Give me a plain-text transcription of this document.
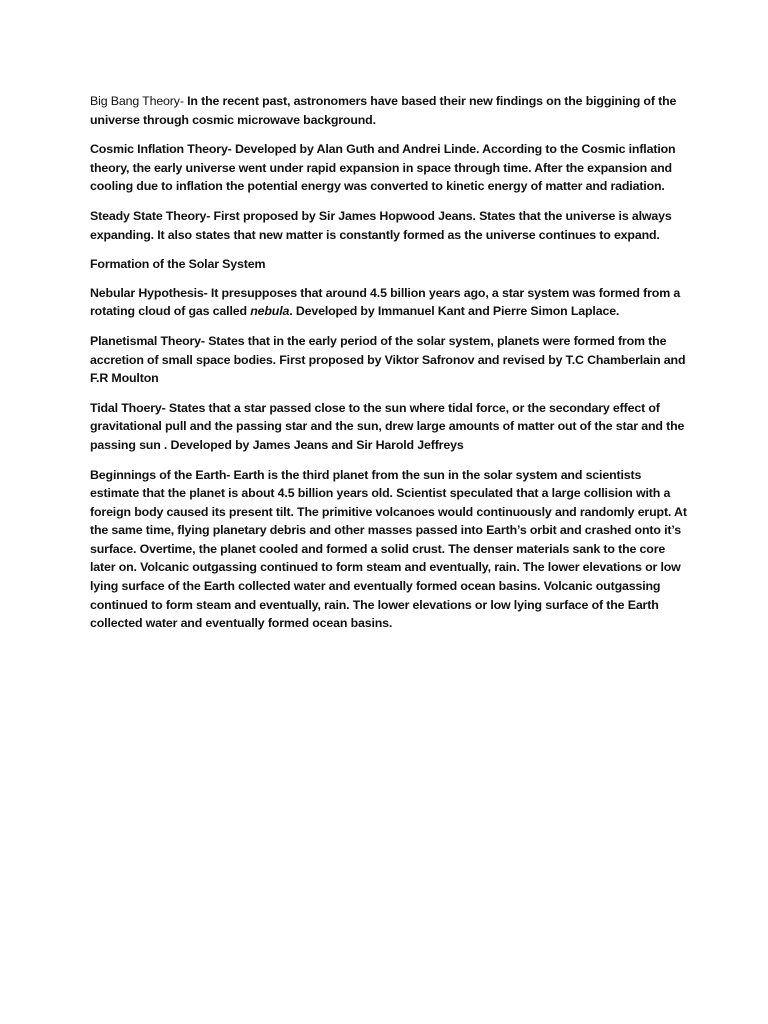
Big Bang Theory- In the recent past, astronomers have based their new findings on the biggining of the universe through cosmic microwave background.

Cosmic Inflation Theory- Developed by Alan Guth and Andrei Linde. According to the Cosmic inflation theory, the early universe went under rapid expansion in space through time. After the expansion and cooling due to inflation the potential energy was converted to kinetic energy of matter and radiation.

Steady State Theory- First proposed by Sir James Hopwood Jeans. States that the universe is always expanding. It also states that new matter is constantly formed as the universe continues to expand.

Formation of the Solar System

Nebular Hypothesis- It presupposes that around 4.5 billion years ago, a star system was formed from a rotating cloud of gas called nebula. Developed by Immanuel Kant and Pierre Simon Laplace.

Planetismal Theory- States that in the early period of the solar system, planets were formed from the accretion of small space bodies. First proposed by Viktor Safronov and revised by T.C Chamberlain and F.R Moulton

Tidal Thoery- States that a star passed close to the sun where tidal force, or the secondary effect of gravitational pull and the passing star and the sun, drew large amounts of matter out of the star and the passing sun . Developed by James Jeans and Sir Harold Jeffreys

Beginnings of the Earth- Earth is the third planet from the sun in the solar system and scientists estimate that the planet is about 4.5 billion years old. Scientist speculated that a large collision with a foreign body caused its present tilt. The primitive volcanoes would continuously and randomly erupt. At the same time, flying planetary debris and other masses passed into Earth’s orbit and crashed onto it’s surface. Overtime, the planet cooled and formed a solid crust. The denser materials sank to the core later on. Volcanic outgassing continued to form steam and eventually, rain. The lower elevations or low lying surface of the Earth collected water and eventually formed ocean basins. Volcanic outgassing continued to form steam and eventually, rain. The lower elevations or low lying surface of the Earth collected water and eventually formed ocean basins.
